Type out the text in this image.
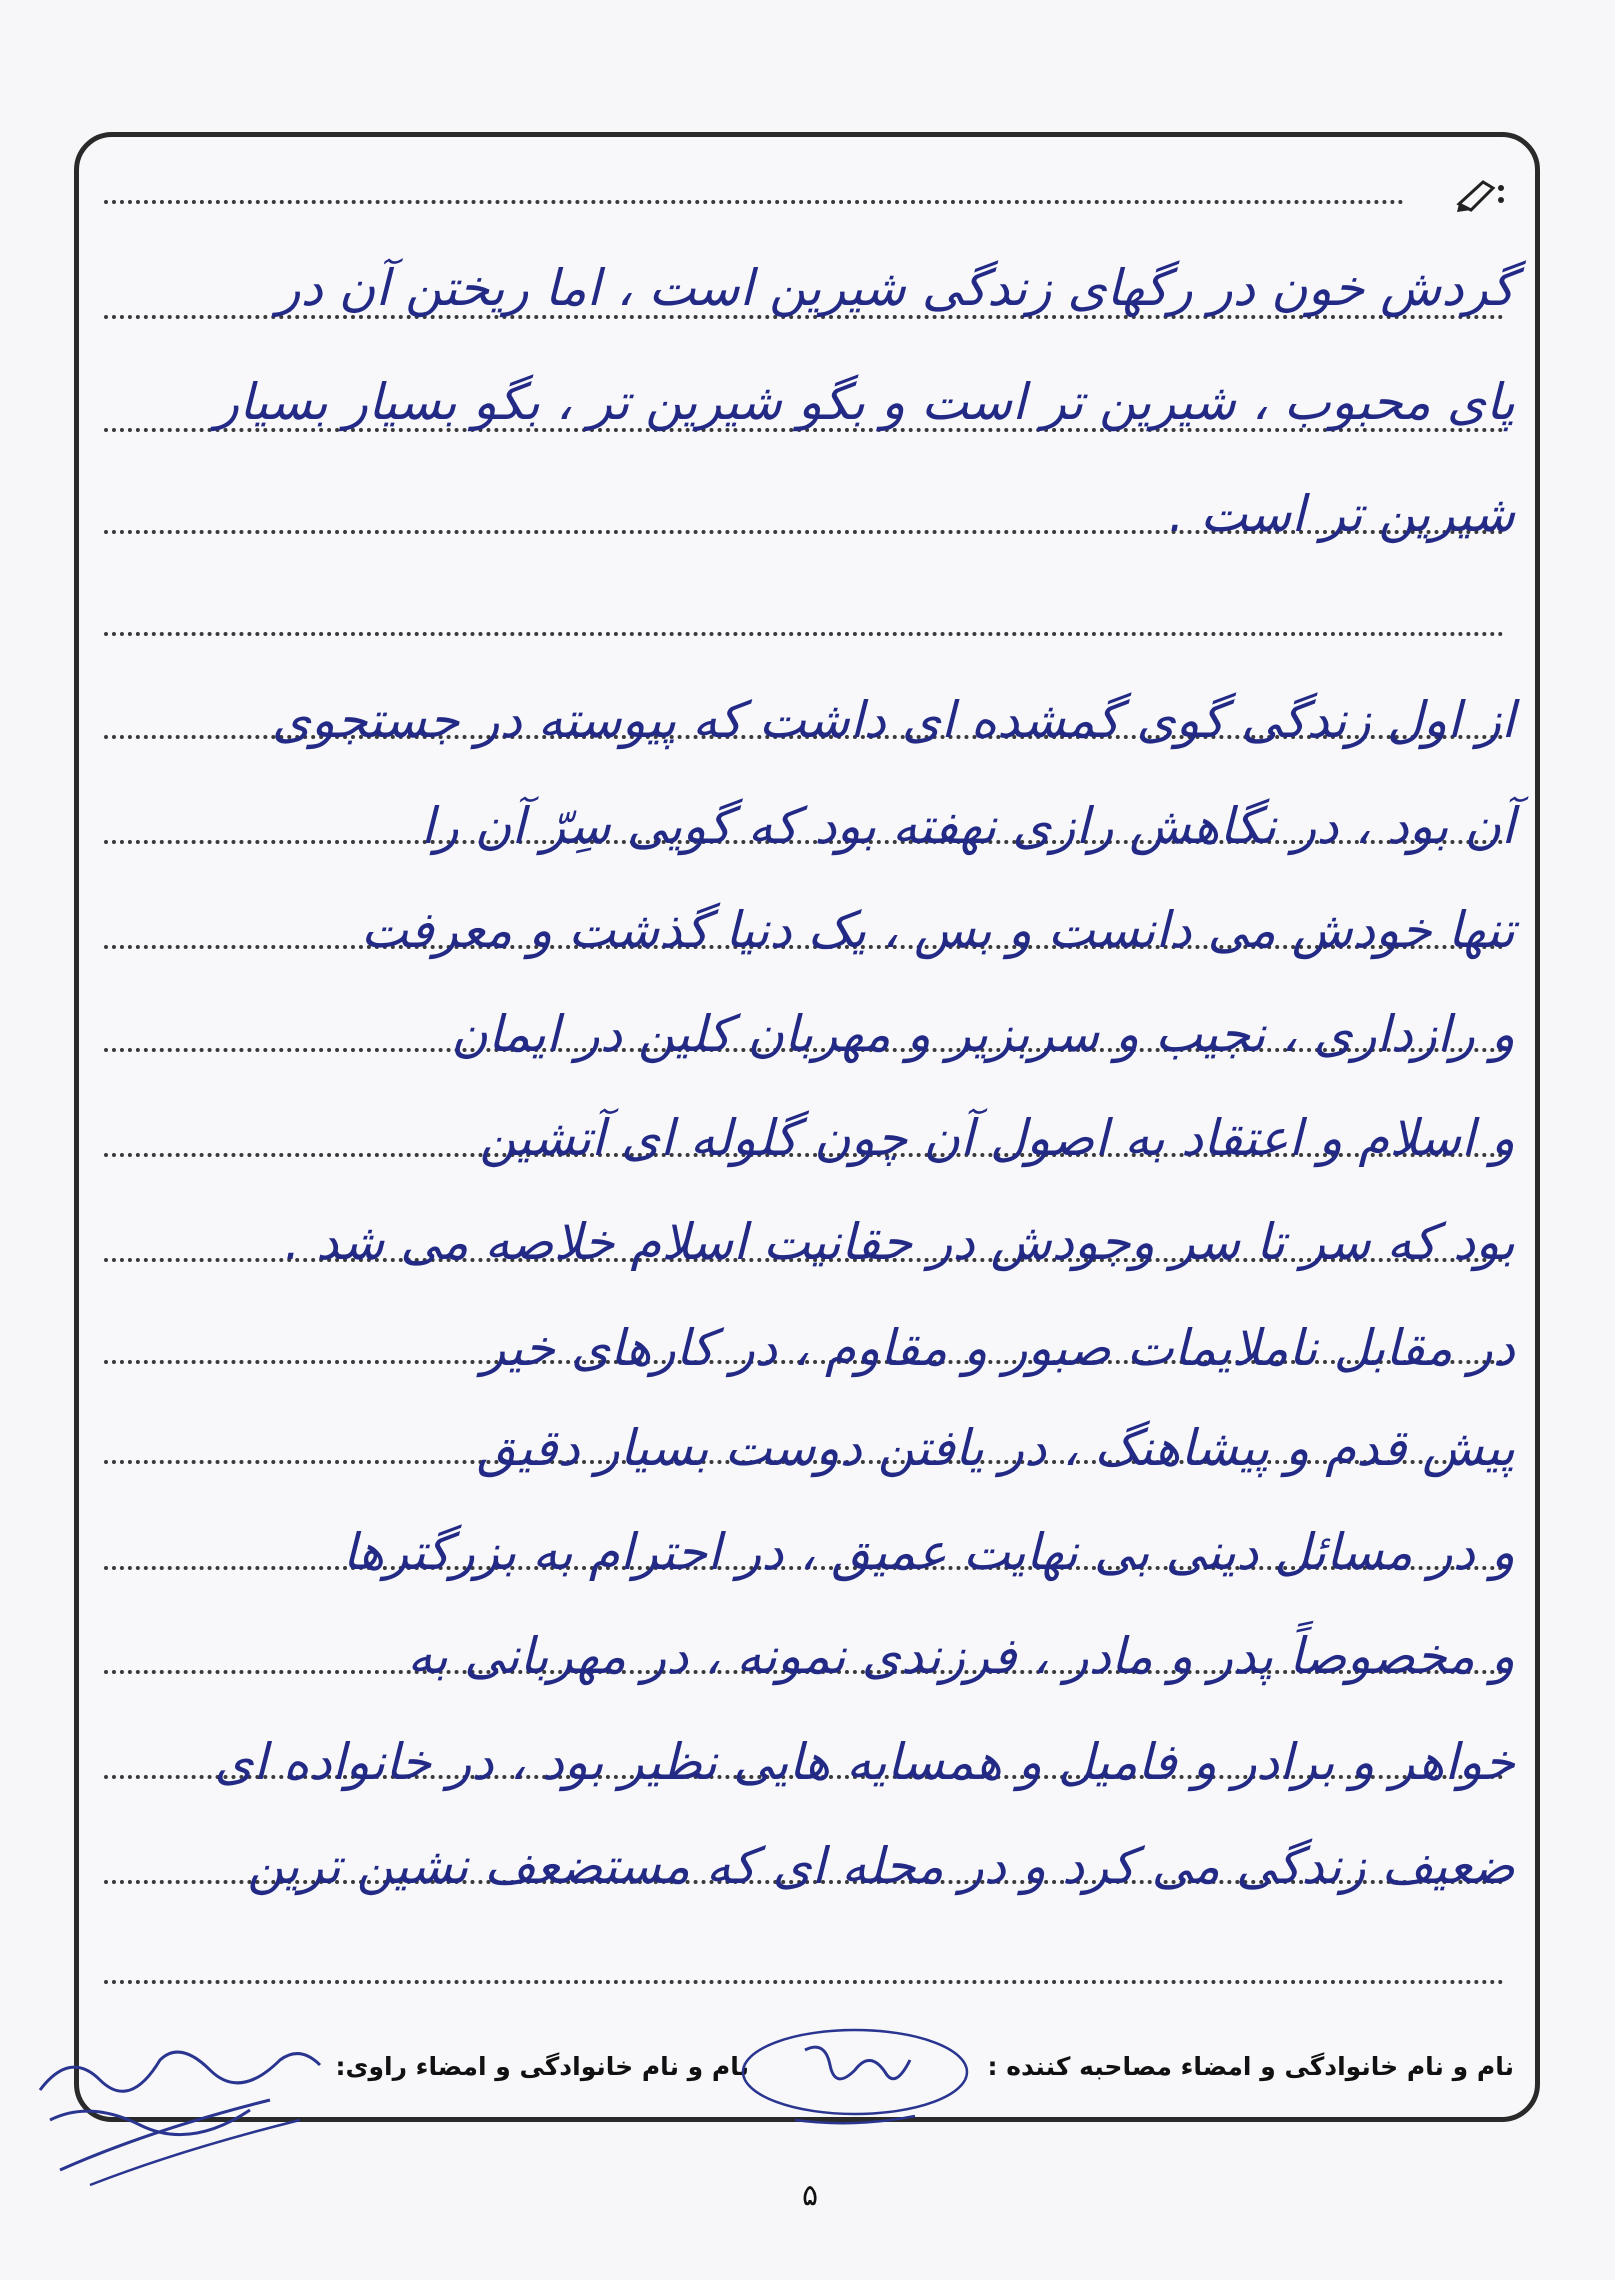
گردش خون در رگهای زندگی شیرین است ، اما ریختن آن در
پای محبوب ، شیرین تر است و بگو شیرین تر ، بگو بسیار بسیار
شیرین تر است .
از اول زندگی گوی گمشده ای داشت که پیوسته در جستجوی
آن بود ، در نگاهش رازی نهفته بود که گویی سِرّ آن را
تنها خودش می دانست و بس ، یک دنیا گذشت و معرفت
و رازداری ، نجیب و سربزیر و مهربان کلین در ایمان
و اسلام و اعتقاد به اصول آن چون گلوله ای آتشین
بود که سر تا سر وجودش در حقانیت اسلام خلاصه می شد .
در مقابل ناملایمات صبور و مقاوم ، در کارهای خیر
پیش قدم و پیشاهنگ ، در یافتن دوست بسیار دقیق
و در مسائل دینی بی نهایت عمیق ، در احترام به بزرگترها
و مخصوصاً پدر و مادر ، فرزندی نمونه ، در مهربانی به
خواهر و برادر و فامیل و همسایه هایی نظیر بود ، در خانواده ای
ضعیف زندگی می کرد و در محله ای که مستضعف نشین ترین
نام و نام خانوادگی و امضاء مصاحبه کننده :
نام و نام خانوادگی و امضاء راوی:
۵
